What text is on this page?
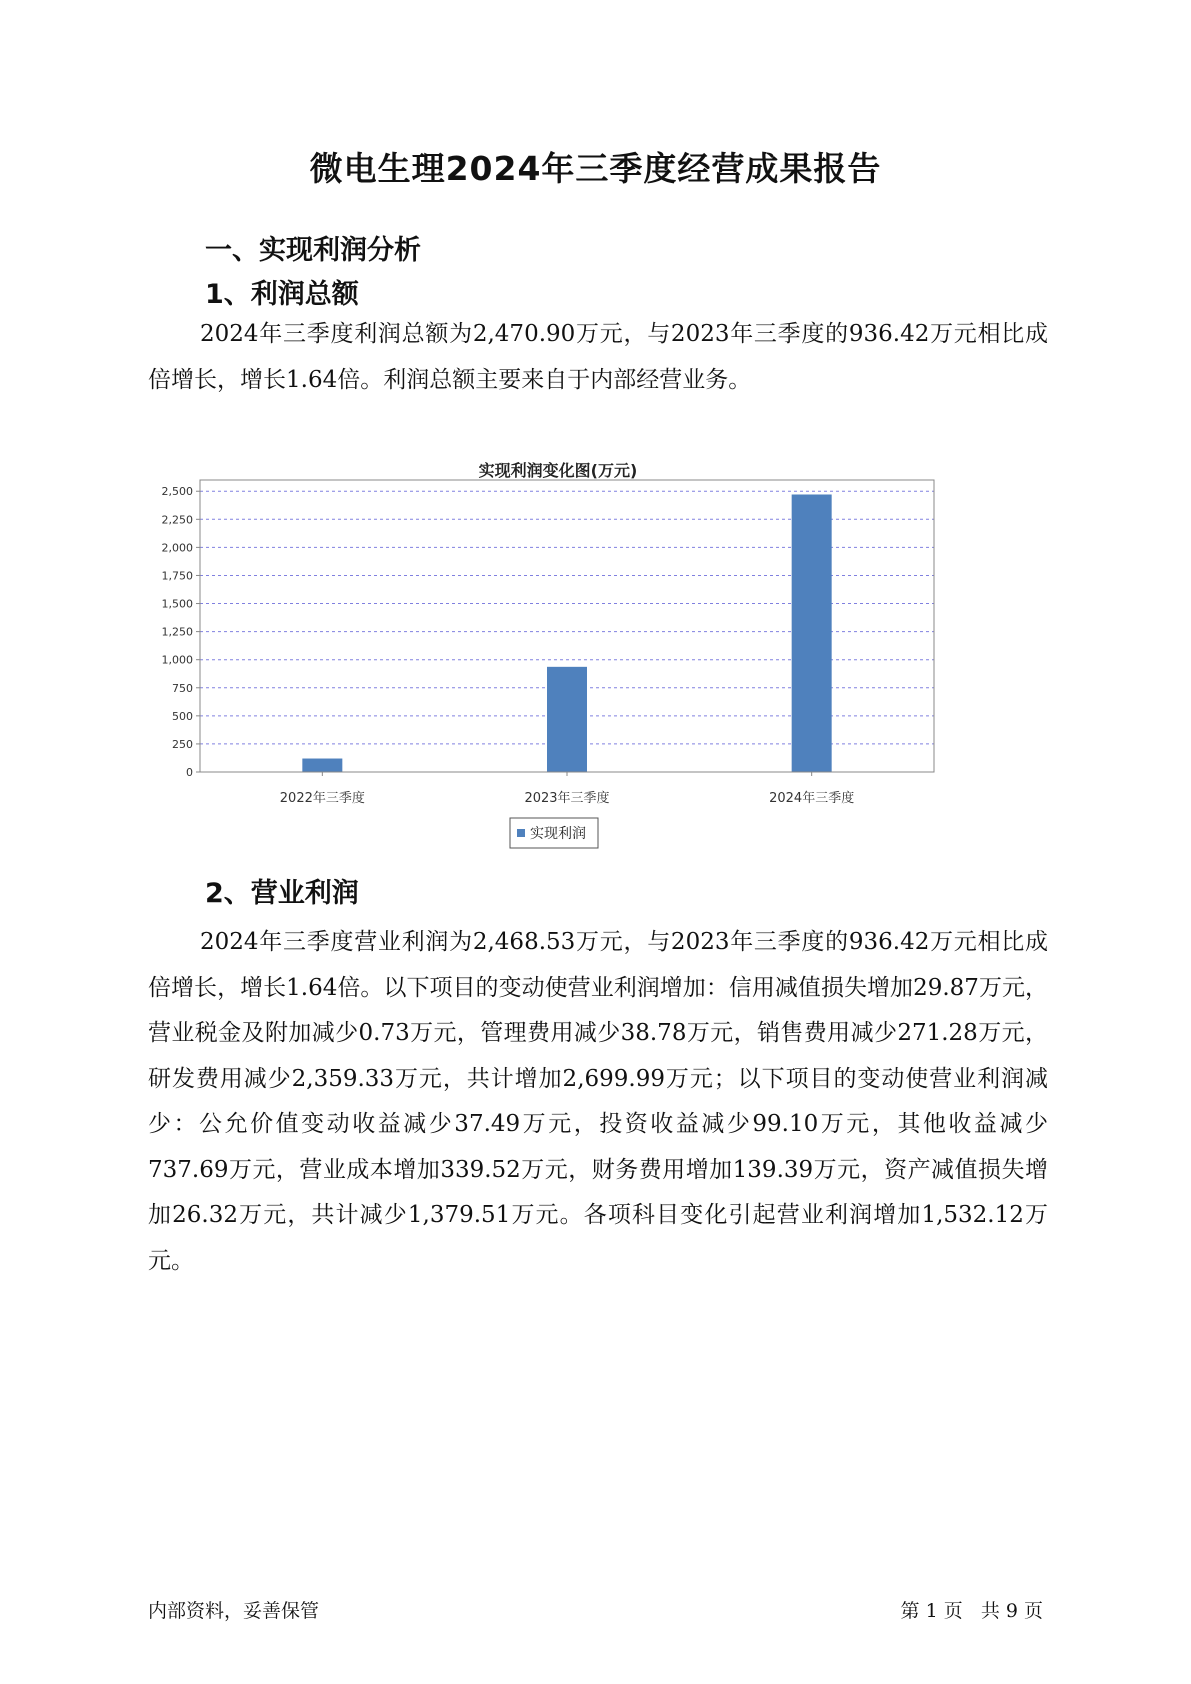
微电生理2024年三季度经营成果报告
一、实现利润分析
1、利润总额

2024年三季度利润总额为2,470.90万元，与2023年三季度的936.42万元相比成倍增长，增长1.64倍。利润总额主要来自于内部经营业务。

实现利润变化图(万元)
0
250
500
750
1,000
1,250
1,500
1,750
2,000
2,250
2,500
2022年三季度	2023年三季度	2024年三季度
实现利润
2、营业利润

2024年三季度营业利润为2,468.53万元，与2023年三季度的936.42万元相比成倍增长，增长1.64倍。以下项目的变动使营业利润增加：信用减值损失增加29.87万元，营业税金及附加减少0.73万元，管理费用减少38.78万元，销售费用减少271.28万元，研发费用减少2,359.33万元，共计增加2,699.99万元；以下项目的变动使营业利润减少：公允价值变动收益减少37.49万元，投资收益减少99.10万元，其他收益减少737.69万元，营业成本增加339.52万元，财务费用增加139.39万元，资产减值损失增加26.32万元，共计减少1,379.51万元。各项科目变化引起营业利润增加1,532.12万元。

内部资料，妥善保管	第 1 页   共 9 页
